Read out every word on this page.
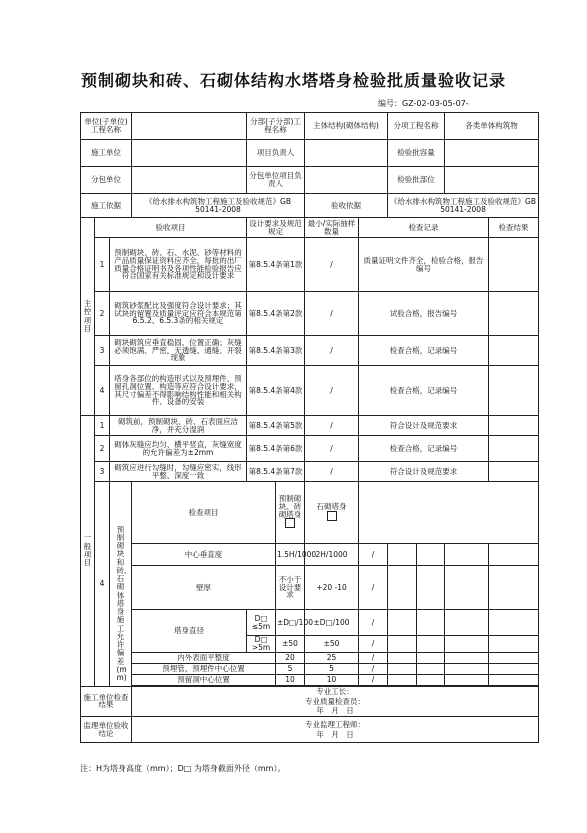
预制砌块和砖、石砌体结构水塔塔身检验批质量验收记录
编号：GZ-02-03-05-07-
单位(子单位)工程名称				分部(子分部)工程名称		主体结构(砌体结构)		分项工程名称		各类单体构筑物		
施工单位				项目负责人				检验批容量				
分包单位				分包单位项目负责人				检验批部位				
施工依据			《给水排水构筑物工程施工及验收规范》GB 50141-2008			验收依据		《给水排水构筑物工程施工及验收规范》GB 50141-2008				
主控项目	验收项目			设计要求及规范规定		最小/实际抽样数量	检查记录				检查结果	
	1	预制砌块、砖、石、水泥、砂等材料的产品质量保证资料应齐全，每批的出厂质量合格证明书及各项性能检验报告应符合国家有关标准规定和设计要求		第8.5.4条第1款		/	质量证明文件齐全，检验合格，报告编号					
	2	砌筑砂浆配比及强度符合设计要求；其试块的留置及质量评定应符合本规范第6.5.2、6.5.3条的相关规定		第8.5.4条第2款		/	试验合格，报告编号					
	3	砌块砌筑应垂直稳固、位置正确；灰缝必须饱满、严密，无透缝、通缝、开裂现象		第8.5.4条第3款		/	检查合格，记录编号					
	4	塔身各部位的构造形式以及预埋件、预留孔洞位置、构造等应符合设计要求，其尺寸偏差不得影响结构性能和相关构件、设备的安装		第8.5.4条第4款		/	检查合格，记录编号					
一般项目	1	砌筑前，预制砌块、砖、石表面应洁净，并充分湿润		第8.5.4条第5款		/	符合设计及规范要求					
	2	砌体灰缝应均匀、横平竖直，灰缝宽度的允许偏差为±2mm		第8.5.4条第6款		/	检查合格，记录编号					
	3	砌筑应进行勾缝时，勾缝应密实，线形平整、深度一致		第8.5.4条第7款		/	符合设计及规范要求					
	4	预制砌块和砖、石砌体塔身施工允许偏差(mm)	检查项目		预制砌块、砖砌塔身	石砌塔身

			中心垂直度		1.5H/1000	2H/1000	/					
			壁厚		不小于设计要求	+20 -10	/					
			塔身直径	D□ ≤5m	±D□/100	±D□/100	/					
				D□ >5m	±50	±50	/					
			内外表面平整度		20	25	/					
			预埋管、预埋件中心位置		5	5	/					
			预留洞中心位置		10	10	/					

施工单位检查结果			专业工长：
专业质量检查员：
年　月　日									

监理单位验收结论			专业监理工程师：
年　月　日									
注：H为塔身高度（mm）；D□ 为塔身截面外径（mm）。
